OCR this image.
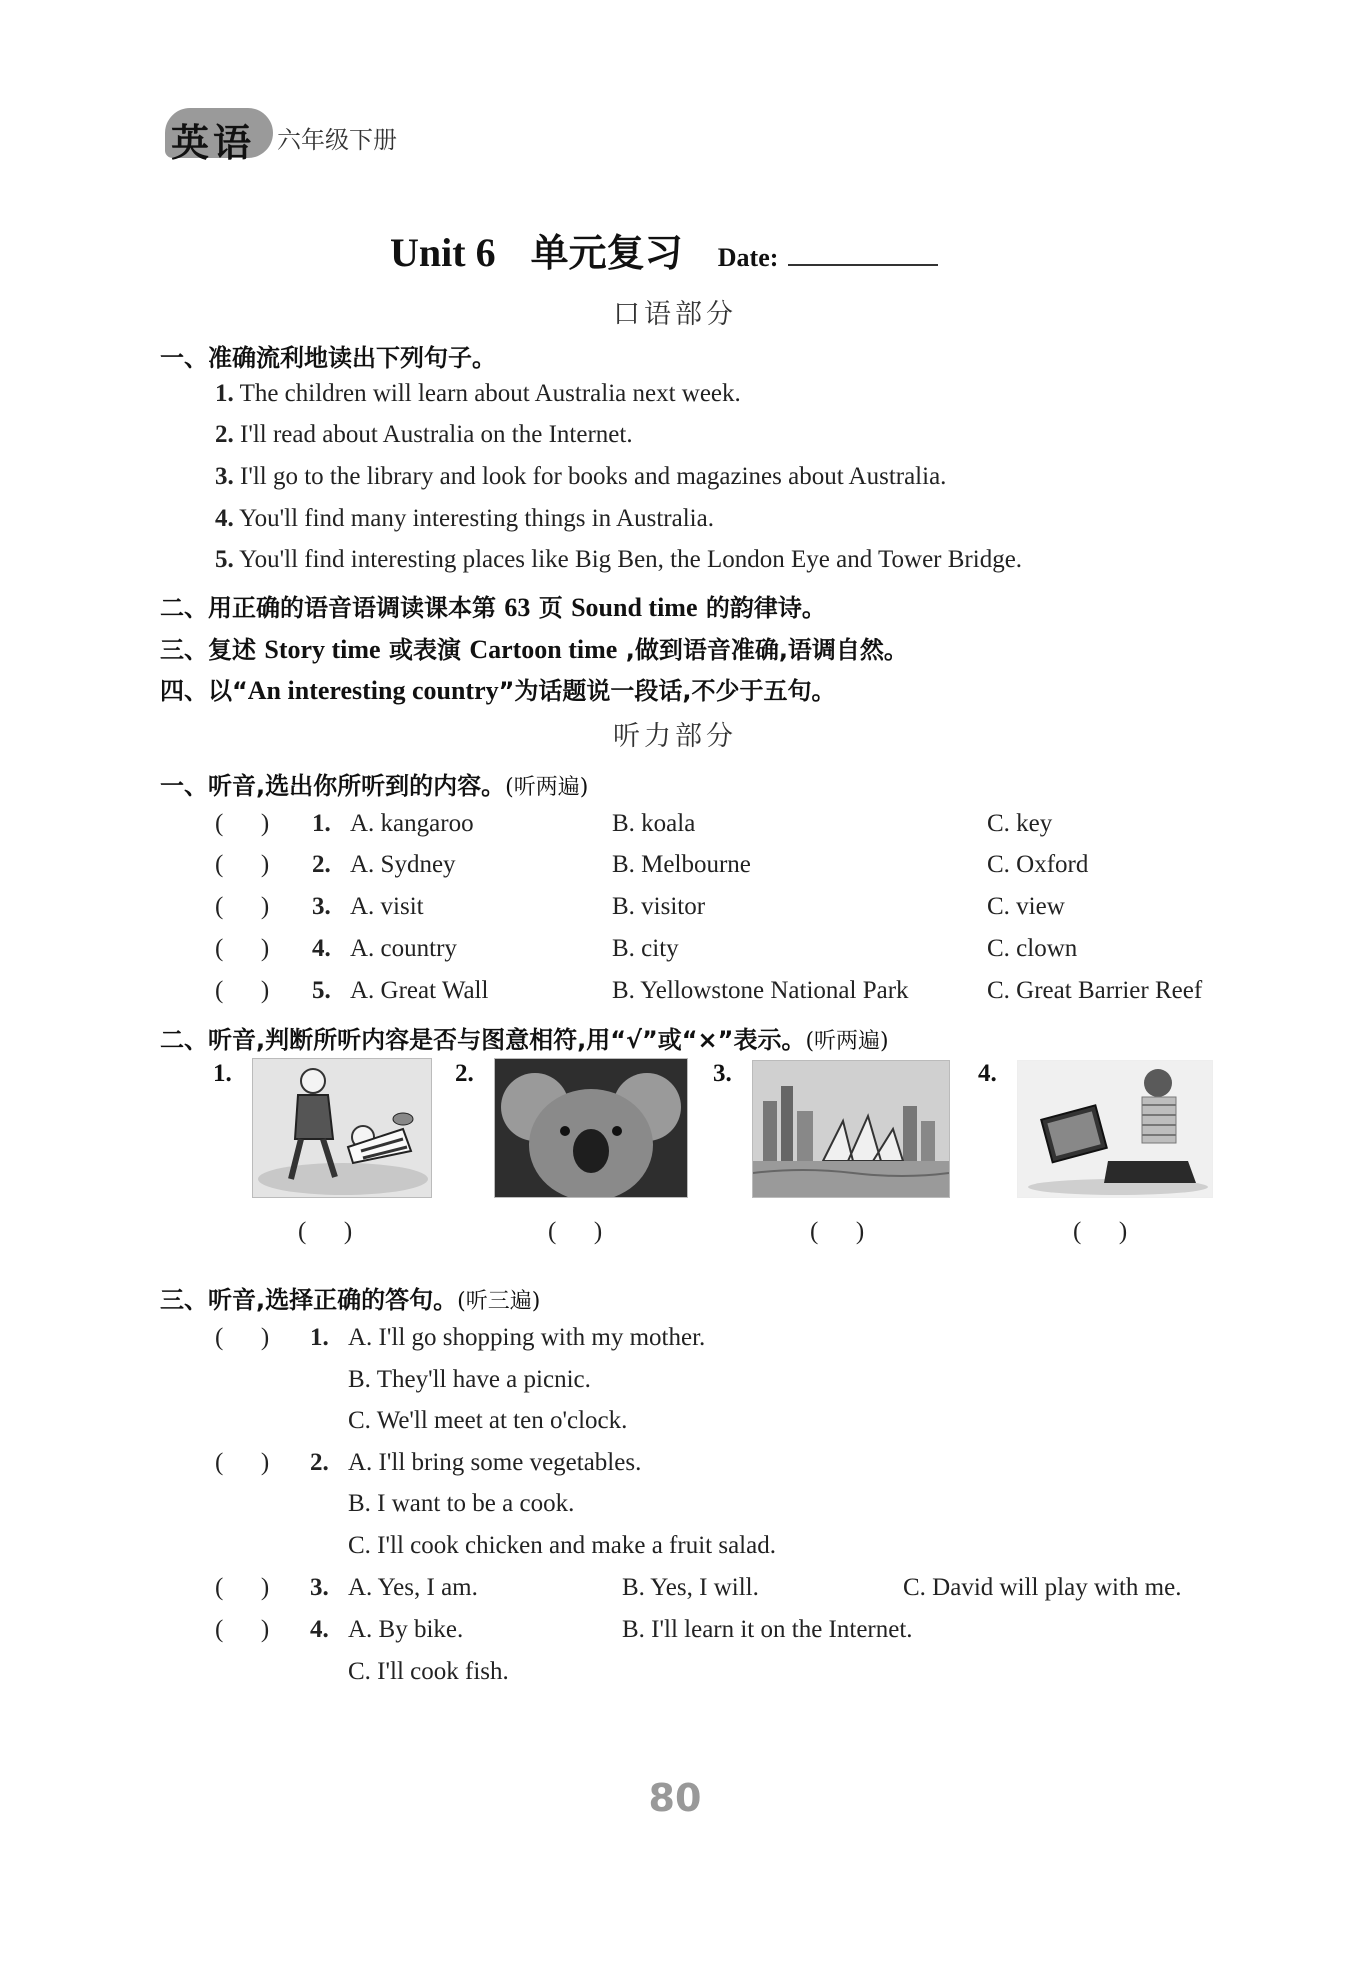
英语 六年级下册
Unit 6 单元复习 Date:
口语部分
一、准确流利地读出下列句子。
1. The children will learn about Australia next week.
2. I'll read about Australia on the Internet.
3. I'll go to the library and look for books and magazines about Australia.
4. You'll find many interesting things in Australia.
5. You'll find interesting places like Big Ben, the London Eye and Tower Bridge.
二、用正确的语音语调读课本第 63 页 Sound time 的韵律诗。
三、复述 Story time 或表演 Cartoon time ,做到语音准确,语调自然。
四、以“An interesting country”为话题说一段话,不少于五句。
听力部分
一、听音,选出你所听到的内容。(听两遍)
(      ) 1. A. kangaroo	B. koala	C. key
(      ) 2. A. Sydney	B. Melbourne	C. Oxford
(      ) 3. A. visit	B. visitor	C. view
(      ) 4. A. country	B. city	C. clown
(      ) 5. A. Great Wall	B. Yellowstone National Park	C. Great Barrier Reef
二、听音,判断所听内容是否与图意相符,用“√”或“×”表示。(听两遍)
1.	2.	3.	4.
(      )	(      )	(      )	(      )
三、听音,选择正确的答句。(听三遍)
(      ) 1. A. I'll go shopping with my mother.
B. They'll have a picnic.
C. We'll meet at ten o'clock.
(      ) 2. A. I'll bring some vegetables.
B. I want to be a cook.
C. I'll cook chicken and make a fruit salad.
(      ) 3. A. Yes, I am.	B. Yes, I will.	C. David will play with me.
(      ) 4. A. By bike.	B. I'll learn it on the Internet.
C. I'll cook fish.
80
